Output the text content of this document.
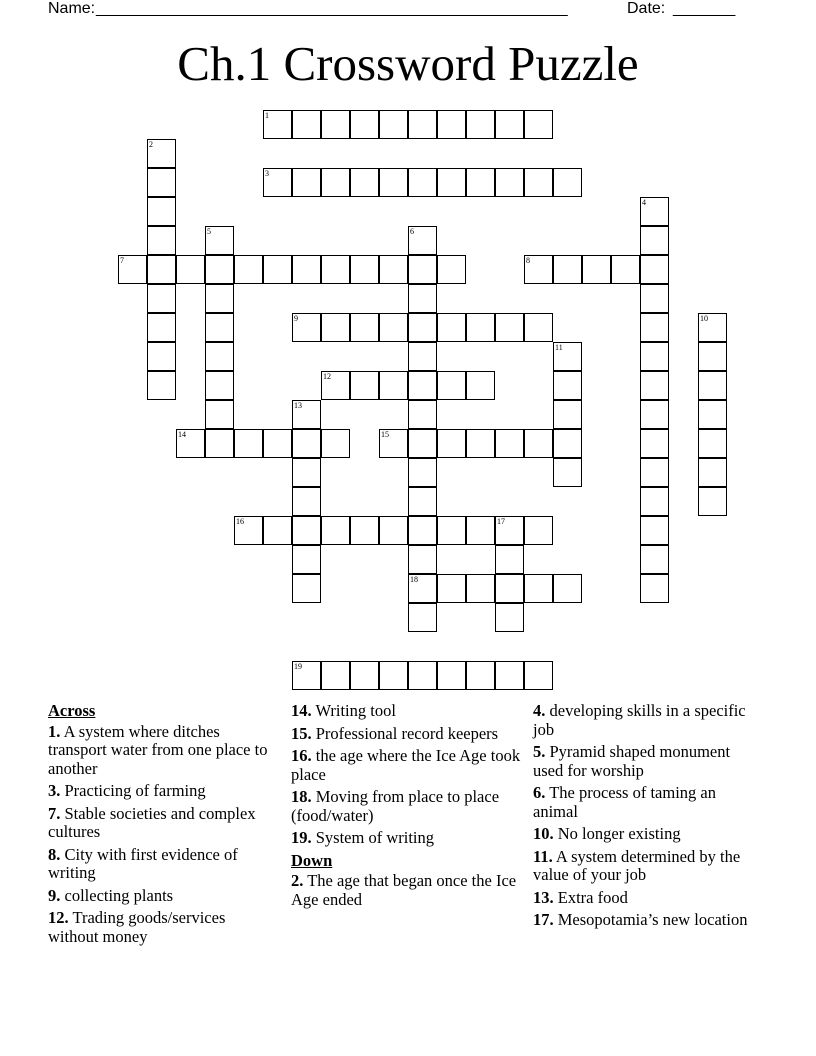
Name: _____________________________________________________	Date: _______
Ch.1 Crossword Puzzle
1
2
3
4
5	6
18
7	8
9	10
11
12
13
14	15
16	17
19
Across
1. A system where ditches transport water from one place to another
3. Practicing of farming
7. Stable societies and complex cultures
8. City with first evidence of writing
9. collecting plants
12. Trading goods/services without money
14. Writing tool
15. Professional record keepers
16. the age where the Ice Age took place
18. Moving from place to place (food/water)
19. System of writing
Down
2. The age that began once the Ice Age ended
4. developing skills in a specific job
5. Pyramid shaped monument used for worship
6. The process of taming an animal
10. No longer existing
11. A system determined by the value of your job
13. Extra food
17. Mesopotamia’s new location
